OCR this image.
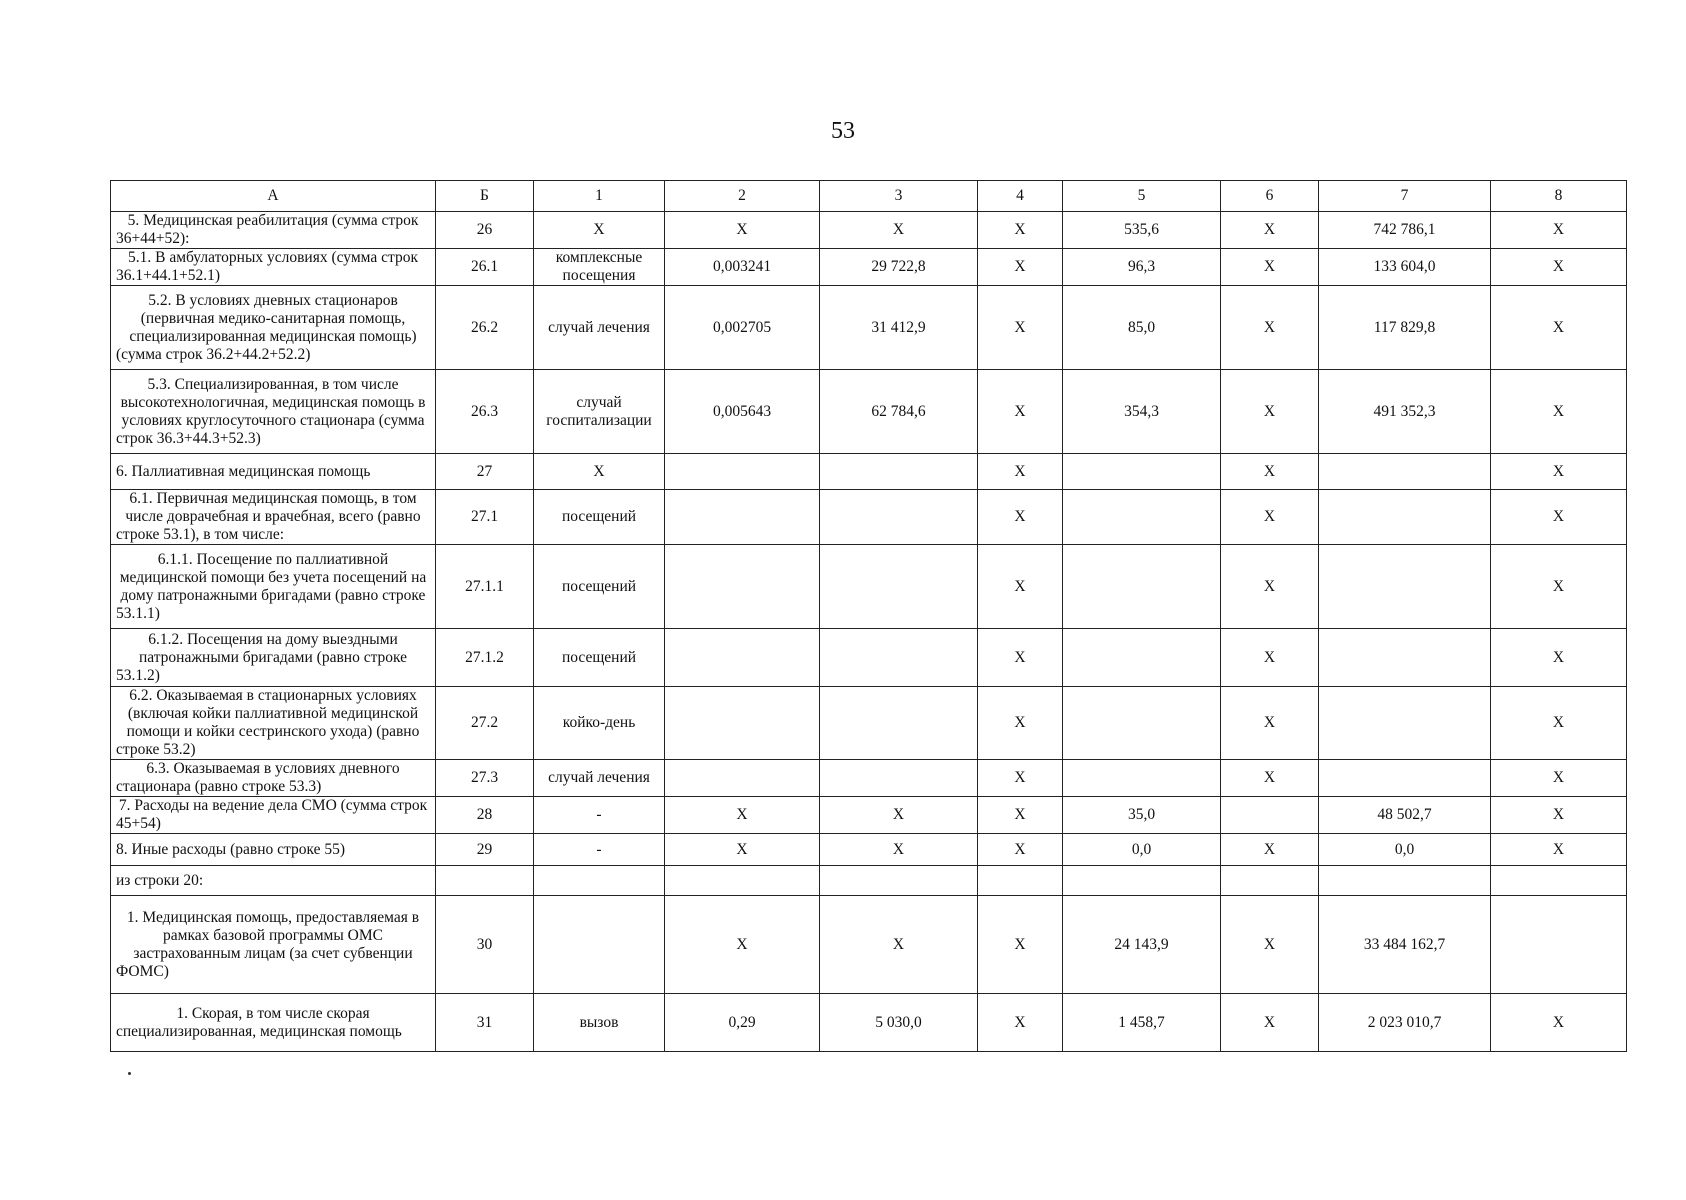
53
А	Б	1	2	3	4	5	6	7	8
5. Медицинская реабилитация (сумма строк 36+44+52):	26	X	X	X	X	535,6	X	742 786,1	X
5.1. В амбулаторных условиях (сумма строк 36.1+44.1+52.1)	26.1	комплексные посещения	0,003241	29 722,8	X	96,3	X	133 604,0	X
5.2. В условиях дневных стационаров (первичная медико-санитарная помощь, специализированная медицинская помощь) (сумма строк 36.2+44.2+52.2)	26.2	случай лечения	0,002705	31 412,9	X	85,0	X	117 829,8	X
5.3. Специализированная, в том числе высокотехнологичная, медицинская помощь в условиях круглосуточного стационара (сумма строк 36.3+44.3+52.3)	26.3	случай госпитализации	0,005643	62 784,6	X	354,3	X	491 352,3	X
6. Паллиативная медицинская помощь	27	X			X		X		X
6.1. Первичная медицинская помощь, в том числе доврачебная и врачебная, всего (равно строке 53.1), в том числе:	27.1	посещений			X		X		X
6.1.1. Посещение по паллиативной медицинской помощи без учета посещений на дому патронажными бригадами (равно строке 53.1.1)	27.1.1	посещений			X		X		X
6.1.2. Посещения на дому выездными патронажными бригадами (равно строке 53.1.2)	27.1.2	посещений			X		X		X
6.2. Оказываемая в стационарных условиях (включая койки паллиативной медицинской помощи и койки сестринского ухода) (равно строке 53.2)	27.2	койко-день			X		X		X
6.3. Оказываемая в условиях дневного стационара (равно строке 53.3)	27.3	случай лечения			X		X		X
7. Расходы на ведение дела СМО (сумма строк 45+54)	28	-	X	X	X	35,0		48 502,7	X
8. Иные расходы (равно строке 55)	29	-	X	X	X	0,0	X	0,0	X
из строки 20:									
1. Медицинская помощь, предоставляемая в рамках базовой программы ОМС застрахованным лицам (за счет субвенции ФОМС)	30		X	X	X	24 143,9	X	33 484 162,7	
1. Скорая, в том числе скорая специализированная, медицинская помощь	31	вызов	0,29	5 030,0	X	1 458,7	X	2 023 010,7	X
